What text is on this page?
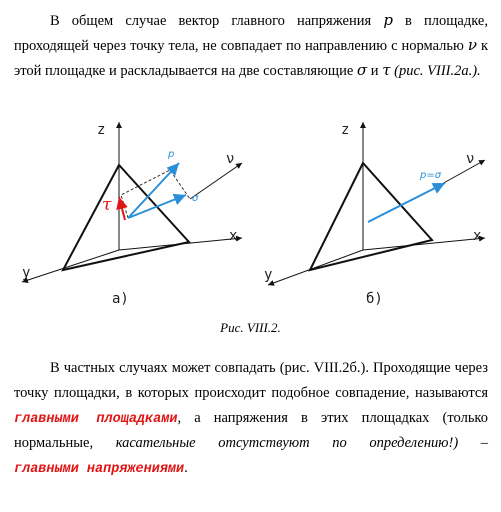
В общем случае вектор главного напряжения p в площадке,
проходящей через точку тела, не совпадает по направлению с нормалью ν к
этой площадке и раскладывается на две составляющие σ и τ (рис. VIII.2а.).
z
x
y
ν
p
σ
τ
а)
z
x
y
ν
p=σ
б)
Рис. VIII.2.
В частных случаях может совпадать (рис. VIII.2б.). Проходящие через
точку площадки, в которых происходит подобное совпадение, называются
главными площадками, а напряжения в этих площадках (только
нормальные, касательные отсутствуют по определению!) –
главными напряжениями.
